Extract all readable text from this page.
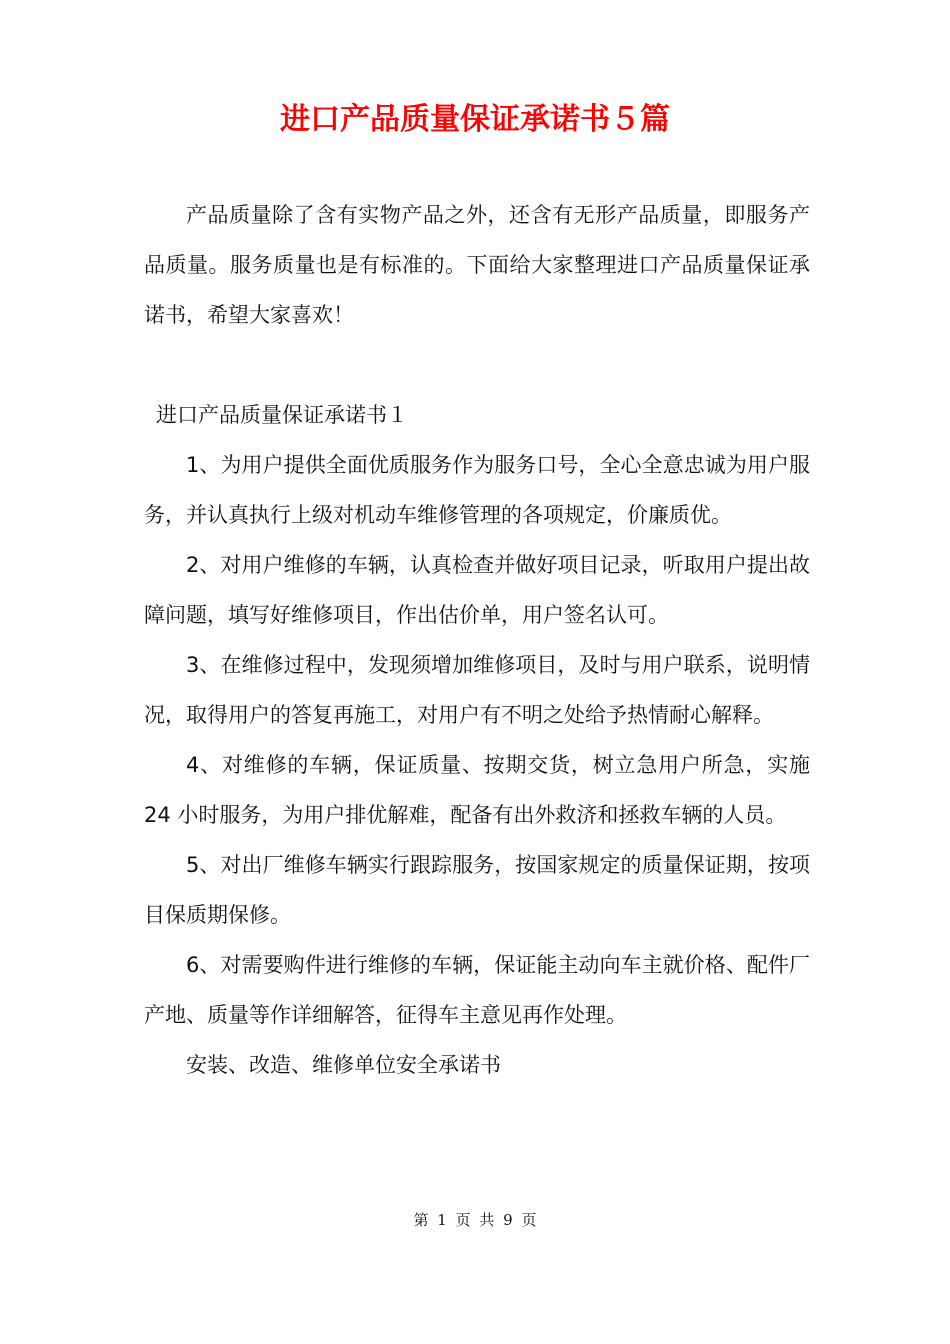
进口产品质量保证承诺书５篇

产品质量除了含有实物产品之外，还含有无形产品质量，即服务产品质量。服务质量也是有标准的。下面给大家整理进口产品质量保证承诺书，希望大家喜欢！

进口产品质量保证承诺书１

1、为用户提供全面优质服务作为服务口号，全心全意忠诚为用户服务，并认真执行上级对机动车维修管理的各项规定，价廉质优。

2、对用户维修的车辆，认真检查并做好项目记录，听取用户提出故障问题，填写好维修项目，作出估价单，用户签名认可。

3、在维修过程中，发现须增加维修项目，及时与用户联系，说明情况，取得用户的答复再施工，对用户有不明之处给予热情耐心解释。

4、对维修的车辆，保证质量、按期交货，树立急用户所急，实施 24 小时服务，为用户排优解难，配备有出外救济和拯救车辆的人员。

5、对出厂维修车辆实行跟踪服务，按国家规定的质量保证期，按项目保质期保修。

6、对需要购件进行维修的车辆，保证能主动向车主就价格、配件厂产地、质量等作详细解答，征得车主意见再作处理。

安装、改造、维修单位安全承诺书

第 1 页 共 9 页
